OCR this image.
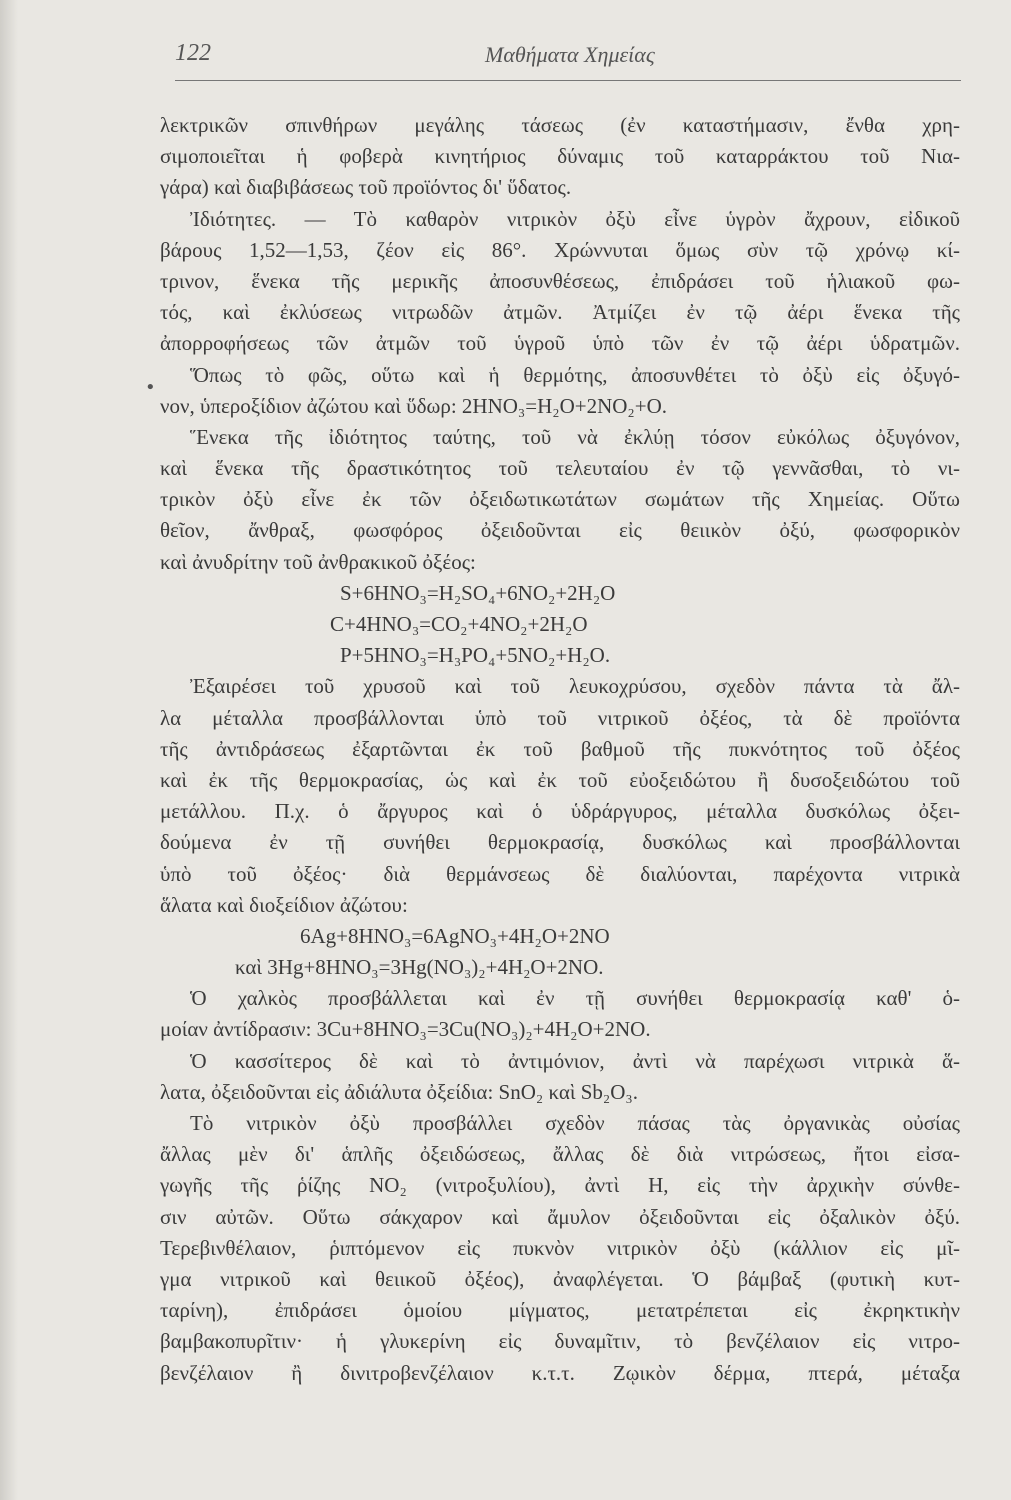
122	Μαθήματα Χημείας
•
λεκτρικῶν σπινθήρων μεγάλης τάσεως (ἐν καταστήμασιν, ἔνθα χρη-
σιμοποιεῖται ἡ φοβερὰ κινητήριος δύναμις τοῦ καταρράκτου τοῦ Νια-
γάρα) καὶ διαβιβάσεως τοῦ προϊόντος δι' ὕδατος.
Ἰδιότητες. — Τὸ καθαρὸν νιτρικὸν ὀξὺ εἶνε ὑγρὸν ἄχρουν, εἰδικοῦ
βάρους 1,52—1,53, ζέον εἰς 86°. Χρώννυται ὅμως σὺν τῷ χρόνῳ κί-
τρινον, ἕνεκα τῆς μερικῆς ἀποσυνθέσεως, ἐπιδράσει τοῦ ἡλιακοῦ φω-
τός, καὶ ἐκλύσεως νιτρωδῶν ἀτμῶν. Ἀτμίζει ἐν τῷ ἀέρι ἕνεκα τῆς
ἀπορροφήσεως τῶν ἀτμῶν τοῦ ὑγροῦ ὑπὸ τῶν ἐν τῷ ἀέρι ὑδρατμῶν.
Ὅπως τὸ φῶς, οὕτω καὶ ἡ θερμότης, ἀποσυνθέτει τὸ ὀξὺ εἰς ὀξυγό-
νον, ὑπεροξίδιον ἀζώτου καὶ ὕδωρ: 2HNO₃=H₂O+2NO₂+O.
Ἕνεκα τῆς ἰδιότητος ταύτης, τοῦ νὰ ἐκλύῃ τόσον εὐκόλως ὀξυγόνον,
καὶ ἕνεκα τῆς δραστικότητος τοῦ τελευταίου ἐν τῷ γεννᾶσθαι, τὸ νι-
τρικὸν ὀξὺ εἶνε ἐκ τῶν ὀξειδωτικωτάτων σωμάτων τῆς Χημείας. Οὕτω
θεῖον, ἄνθραξ, φωσφόρος ὀξειδοῦνται εἰς θειικὸν ὀξύ, φωσφορικὸν
καὶ ἀνυδρίτην τοῦ ἀνθρακικοῦ ὀξέος:
S+6HNO₃=H₂SO₄+6NO₂+2H₂O
C+4HNO₃=CO₂+4NO₂+2H₂O
P+5HNO₃=H₃PO₄+5NO₂+H₂O.
Ἐξαιρέσει τοῦ χρυσοῦ καὶ τοῦ λευκοχρύσου, σχεδὸν πάντα τὰ ἄλ-
λα μέταλλα προσβάλλονται ὑπὸ τοῦ νιτρικοῦ ὀξέος, τὰ δὲ προϊόντα
τῆς ἀντιδράσεως ἐξαρτῶνται ἐκ τοῦ βαθμοῦ τῆς πυκνότητος τοῦ ὀξέος
καὶ ἐκ τῆς θερμοκρασίας, ὡς καὶ ἐκ τοῦ εὐοξειδώτου ἢ δυσοξειδώτου τοῦ
μετάλλου. Π.χ. ὁ ἄργυρος καὶ ὁ ὑδράργυρος, μέταλλα δυσκόλως ὀξει-
δούμενα ἐν τῇ συνήθει θερμοκρασίᾳ, δυσκόλως καὶ προσβάλλονται
ὑπὸ τοῦ ὀξέος· διὰ θερμάνσεως δὲ διαλύονται, παρέχοντα νιτρικὰ
ἅλατα καὶ διοξείδιον ἀζώτου:
6Ag+8HNO₃=6AgNO₃+4H₂O+2NO
καὶ 3Hg+8HNO₃=3Hg(NO₃)₂+4H₂O+2NO.
Ὁ χαλκὸς προσβάλλεται καὶ ἐν τῇ συνήθει θερμοκρασίᾳ καθ' ὁ-
μοίαν ἀντίδρασιν: 3Cu+8HNO₃=3Cu(NO₃)₂+4H₂O+2NO.
Ὁ κασσίτερος δὲ καὶ τὸ ἀντιμόνιον, ἀντὶ νὰ παρέχωσι νιτρικὰ ἅ-
λατα, ὀξειδοῦνται εἰς ἀδιάλυτα ὀξείδια: SnO₂ καὶ Sb₂O₃.
Τὸ νιτρικὸν ὀξὺ προσβάλλει σχεδὸν πάσας τὰς ὀργανικὰς οὐσίας
ἄλλας μὲν δι' ἁπλῆς ὀξειδώσεως, ἄλλας δὲ διὰ νιτρώσεως, ἤτοι εἰσα-
γωγῆς τῆς ῥίζης NO₂ (νιτροξυλίου), ἀντὶ H, εἰς τὴν ἀρχικὴν σύνθε-
σιν αὐτῶν. Οὕτω σάκχαρον καὶ ἄμυλον ὀξειδοῦνται εἰς ὀξαλικὸν ὀξύ.
Τερεβινθέλαιον, ῥιπτόμενον εἰς πυκνὸν νιτρικὸν ὀξὺ (κάλλιον εἰς μῖ-
γμα νιτρικοῦ καὶ θειικοῦ ὀξέος), ἀναφλέγεται. Ὁ βάμβαξ (φυτικὴ κυτ-
ταρίνη), ἐπιδράσει ὁμοίου μίγματος, μετατρέπεται εἰς ἐκρηκτικὴν
βαμβακοπυρῖτιν· ἡ γλυκερίνη εἰς δυναμῖτιν, τὸ βενζέλαιον εἰς νιτρο-
βενζέλαιον ἢ δινιτροβενζέλαιον κ.τ.τ. Ζῳικὸν δέρμα, πτερά, μέταξα
